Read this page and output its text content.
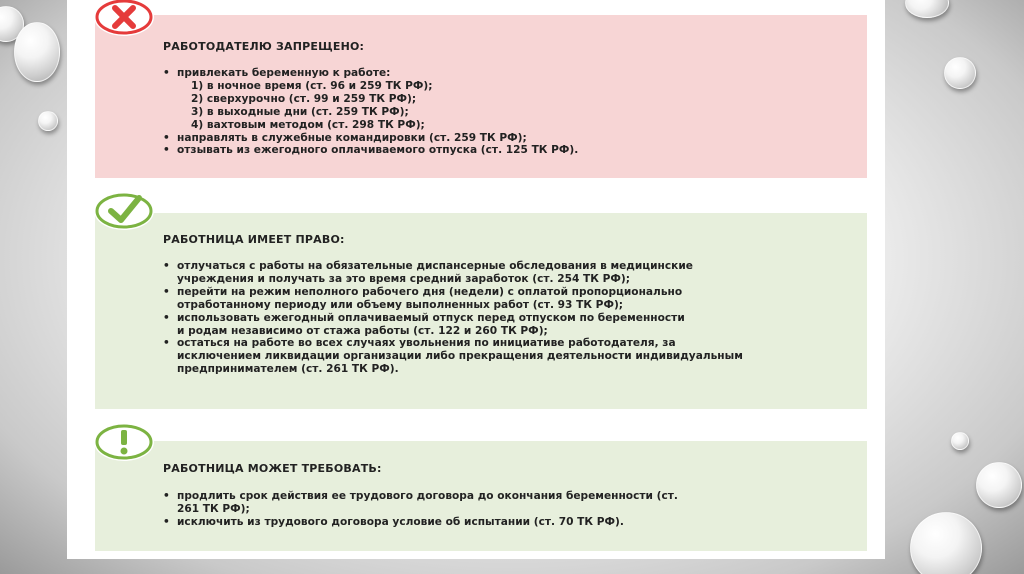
РАБОТОДАТЕЛЮ ЗАПРЕЩЕНО:
• привлекать беременную к работе:
1) в ночное время (ст. 96 и 259 ТК РФ);
2) сверхурочно (ст. 99 и 259 ТК РФ);
3) в выходные дни (ст. 259 ТК РФ);
4) вахтовым методом (ст. 298 ТК РФ);
• направлять в служебные командировки (ст. 259 ТК РФ);
• отзывать из ежегодного оплачиваемого отпуска (ст. 125 ТК РФ).
РАБОТНИЦА ИМЕЕТ ПРАВО:
• отлучаться с работы на обязательные диспансерные обследования в медицинские
учреждения и получать за это время средний заработок (ст. 254 ТК РФ);
• перейти на режим неполного рабочего дня (недели) с оплатой пропорционально
отработанному периоду или объему выполненных работ (ст. 93 ТК РФ);
• использовать ежегодный оплачиваемый отпуск перед отпуском по беременности
и родам независимо от стажа работы (ст. 122 и 260 ТК РФ);
• остаться на работе во всех случаях увольнения по инициативе работодателя, за
исключением ликвидации организации либо прекращения деятельности индивидуальным
предпринимателем (ст. 261 ТК РФ).
РАБОТНИЦА МОЖЕТ ТРЕБОВАТЬ:
• продлить срок действия ее трудового договора до окончания беременности (ст.
261 ТК РФ);
• исключить из трудового договора условие об испытании (ст. 70 ТК РФ).
